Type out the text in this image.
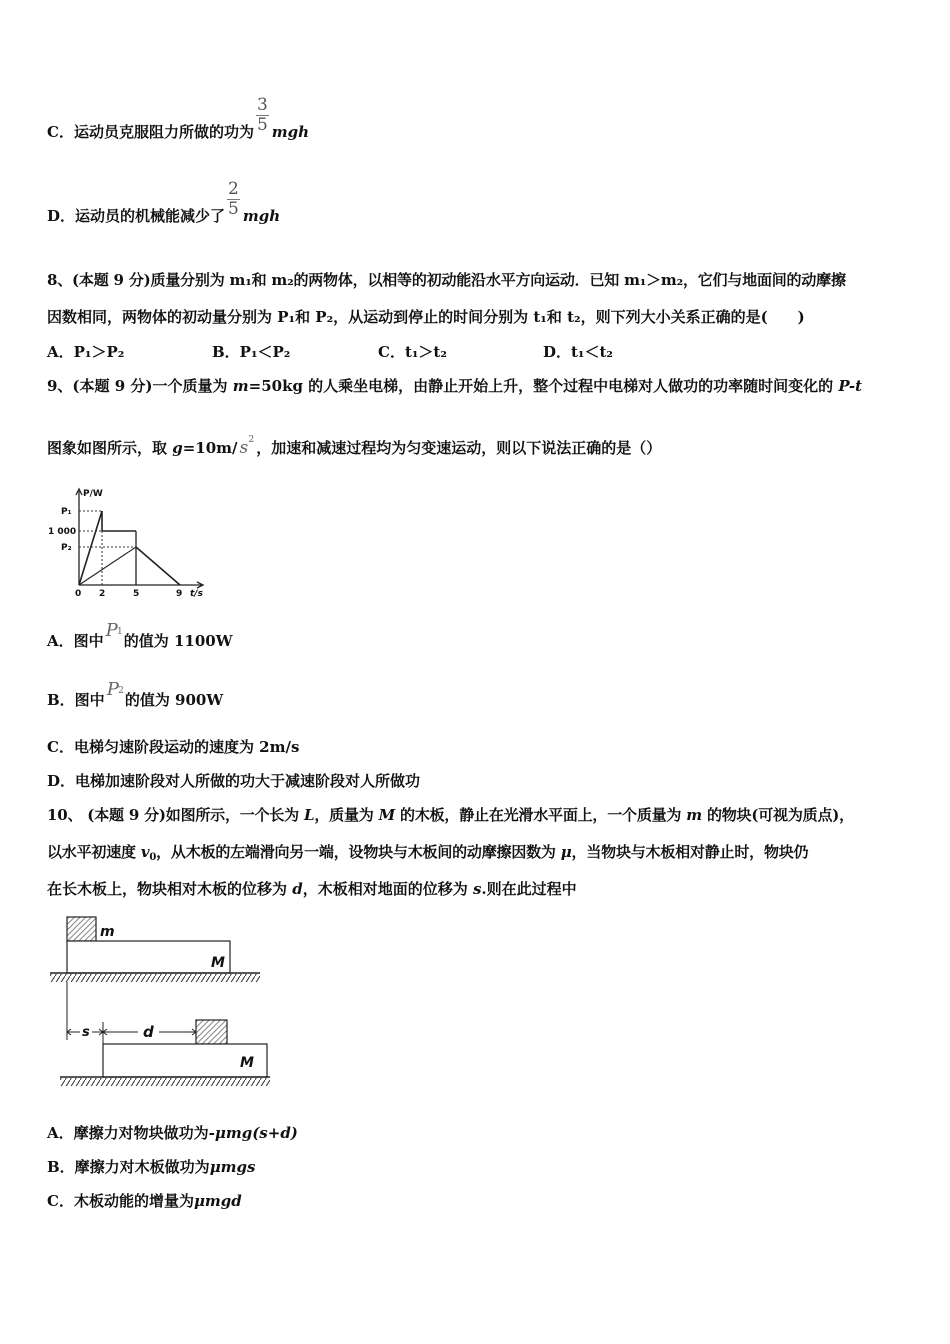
C．运动员克服阻力所做的功为 $\frac{3}{5}$ mgh
D．运动员的机械能减少了 $\frac{2}{5}$ mgh
8、(本题 9 分)质量分别为 m₁和 m₂的两物体，以相等的初动能沿水平方向运动．已知 m₁＞m₂，它们与地面间的动摩擦
因数相同，两物体的初动量分别为 P₁和 P₂，从运动到停止的时间分别为 t₁和 t₂，则下列大小关系正确的是(　　)
A．P₁＞P₂	B．P₁＜P₂	C．t₁＞t₂	D．t₁＜t₂
9、(本题 9 分)一个质量为 m=50kg 的人乘坐电梯，由静止开始上升，整个过程中电梯对人做功的功率随时间变化的 P-t
图象如图所示，取 g=10m/ s 2 ，加速和减速过程均为匀变速运动，则以下说法正确的是（）
P/W
P₁
1 000
P₂
0 2	5	9 t/s
A．图中 P 1 的值为 1100W
B．图中 P 2 的值为 900W
C．电梯匀速阶段运动的速度为 2m/s
D．电梯加速阶段对人所做的功大于减速阶段对人所做功
10、 (本题 9 分)如图所示，一个长为 L，质量为 M 的木板，静止在光滑水平面上，一个质量为 m 的物块(可视为质点)，
以水平初速度 $v_0$，从木板的左端滑向另一端，设物块与木板间的动摩擦因数为 μ，当物块与木板相对静止时，物块仍
在长木板上，物块相对木板的位移为 d，木板相对地面的位移为 s.则在此过程中
m
M
s	d
M
A．摩擦力对物块做功为-μmg(s+d)
B．摩擦力对木板做功为μmgs
C．木板动能的增量为μmgd
